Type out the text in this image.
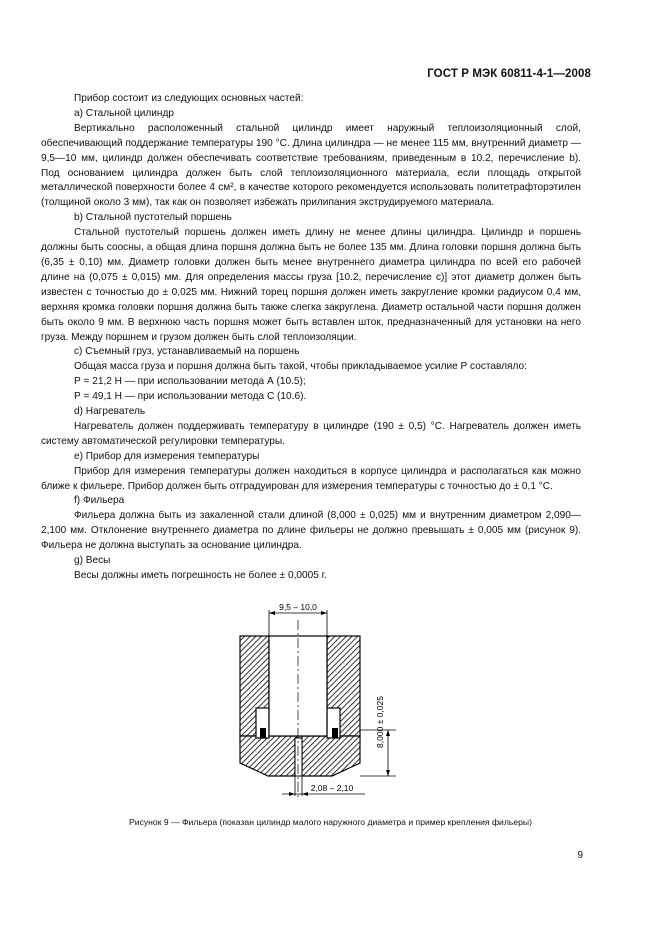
ГОСТ Р МЭК 60811-4-1—2008

Прибор состоит из следующих основных частей:

а) Стальной цилиндр

Вертикально расположенный стальной цилиндр имеет наружный теплоизоляционный слой, обеспечивающий поддержание температуры 190 °С. Длина цилиндра — не менее 115 мм, внутренний диаметр — 9,5—10 мм, цилиндр должен обеспечивать соответствие требованиям, приведенным в 10.2, перечисление b). Под основанием цилиндра должен быть слой теплоизоляционного материала, если площадь открытой металлической поверхности более 4 см², в качестве которого рекомендуется использовать политетрафторэтилен (толщиной около 3 мм), так как он позволяет избежать прилипания экструдируемого материала.

b) Стальной пустотелый поршень

Стальной пустотелый поршень должен иметь длину не менее длины цилиндра. Цилиндр и поршень должны быть соосны, а общая длина поршня должна быть не более 135 мм. Длина головки поршня должна быть (6,35 ± 0,10) мм. Диаметр головки должен быть менее внутреннего диаметра цилиндра по всей его рабочей длине на (0,075 ± 0,015) мм. Для определения массы груза [10.2, перечисление с)] этот диаметр должен быть известен с точностью до ± 0,025 мм. Нижний торец поршня должен иметь закругление кромки радиусом 0,4 мм, верхняя кромка головки поршня должна быть также слегка закруглена. Диаметр остальной части поршня должен быть около 9 мм. В верхнюю часть поршня может быть вставлен шток, предназначенный для установки на него груза. Между поршнем и грузом должен быть слой теплоизоляции.

с) Съемный груз, устанавливаемый на поршень

Общая масса груза и поршня должна быть такой, чтобы прикладываемое усилие Р составляло:

Р = 21,2 Н — при использовании метода А (10.5);

Р = 49,1 Н — при использовании метода С (10.6).

d) Нагреватель

Нагреватель должен поддерживать температуру в цилиндре (190 ± 0,5) °С. Нагреватель должен иметь систему автоматической регулировки температуры.

е) Прибор для измерения температуры

Прибор для измерения температуры должен находиться в корпусе цилиндра и располагаться как можно ближе к фильере. Прибор должен быть отградуирован для измерения температуры с точностью до ± 0,1 °С.

f) Фильера

Фильера должна быть из закаленной стали длиной (8,000 ± 0,025) мм и внутренним диаметром 2,090—2,100 мм. Отклонение внутреннего диаметра по длине фильеры не должно превышать ± 0,005 мм (рисунок 9). Фильера не должна выступать за основание цилиндра.

g) Весы

Весы должны иметь погрешность не более ± 0,0005 г.

9,5 – 10,0
8,000 ± 0,025
2,08 – 2,10
Рисунок 9 — Фильера (показан цилиндр малого наружного диаметра и пример крепления фильеры)
9
